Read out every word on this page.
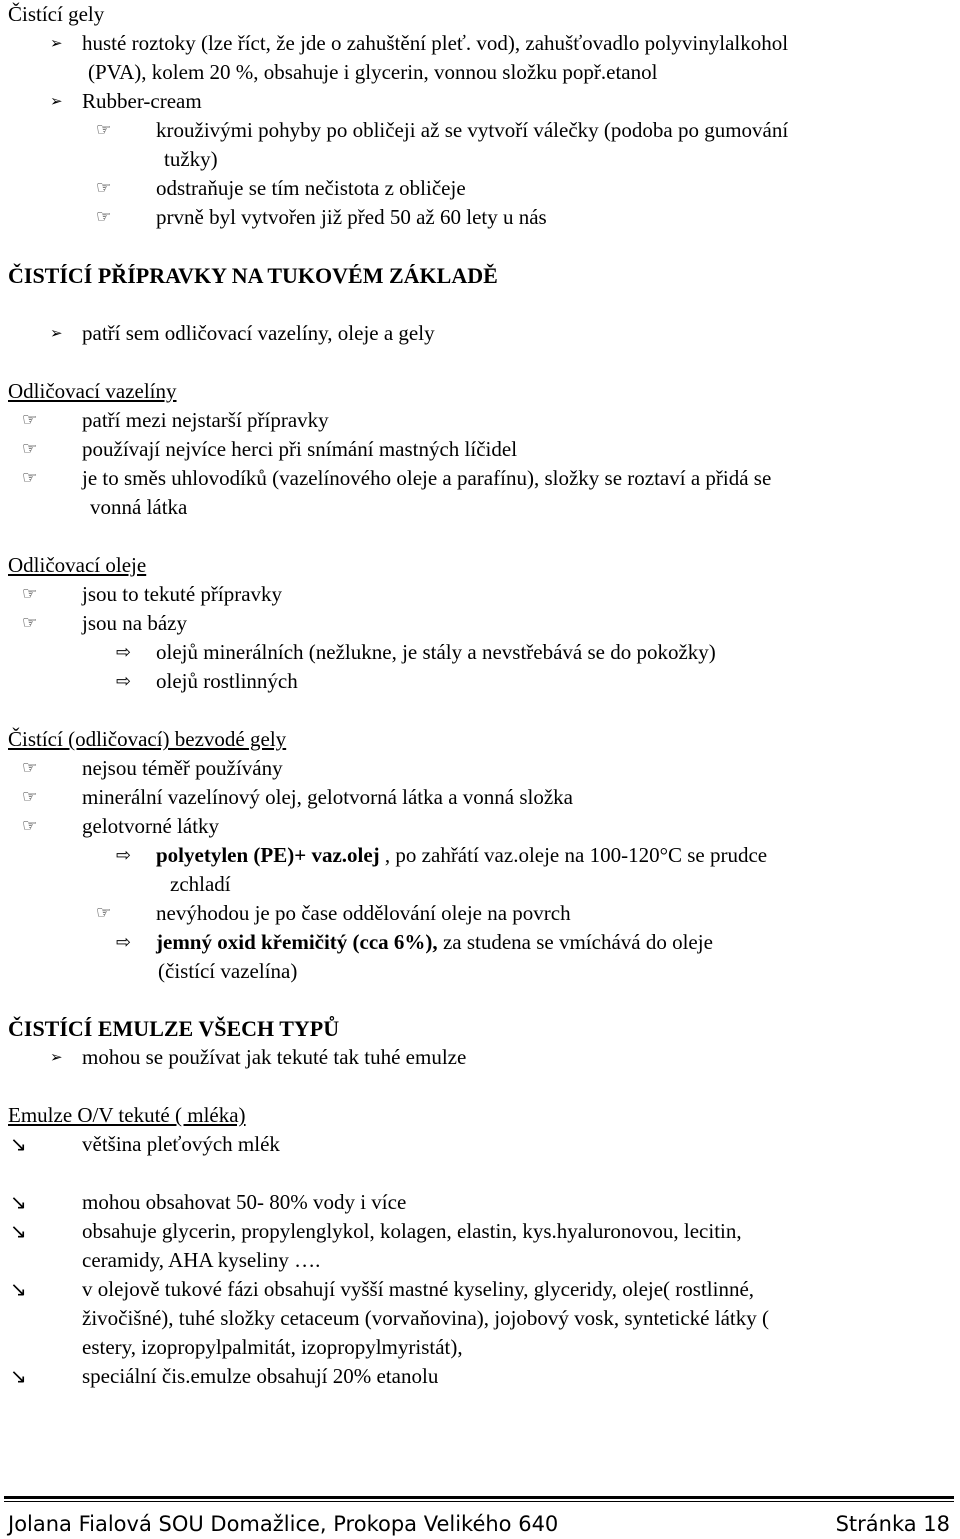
Čistící gely
➢ husté roztoky (lze říct, že jde o zahuštění pleť. vod), zahušťovadlo polyvinylalkohol
(PVA), kolem 20 %, obsahuje i glycerin, vonnou složku popř.etanol
➢ Rubber-cream
☞ krouživými pohyby po obličeji až se vytvoří válečky (podoba po gumování
tužky)
☞ odstraňuje se tím nečistota z obličeje
☞ prvně byl vytvořen již před 50 až 60 lety u nás
ČISTÍCÍ PŘÍPRAVKY NA TUKOVÉM ZÁKLADĚ
➢ patří sem odličovací vazelíny, oleje a gely
Odličovací vazelíny
☞ patří mezi nejstarší přípravky
☞ používají nejvíce herci při snímání mastných líčidel
☞ je to směs uhlovodíků (vazelínového oleje a parafínu), složky se roztaví a přidá se
vonná látka
Odličovací oleje
☞ jsou to tekuté přípravky
☞ jsou na bázy
⇨ olejů minerálních (nežlukne, je stály a nevstřebává se do pokožky)
⇨ olejů rostlinných
Čistící (odličovací) bezvodé gely
☞ nejsou téměř používány
☞ minerální vazelínový olej, gelotvorná látka a vonná složka
☞ gelotvorné látky
⇨ polyetylen (PE)+ vaz.olej , po zahřátí vaz.oleje na 100-120°C se prudce
zchladí
☞ nevýhodou je po čase oddělování oleje na povrch
⇨ jemný oxid křemičitý (cca 6%), za studena se vmíchává do oleje
(čistící vazelína)
ČISTÍCÍ EMULZE VŠECH TYPŮ
➢ mohou se používat jak tekuté tak tuhé emulze
Emulze O/V tekuté ( mléka)
↘	většina pleťových mlék
↘	mohou obsahovat 50- 80% vody i více
↘	obsahuje glycerin, propylenglykol, kolagen, elastin, kys.hyaluronovou, lecitin,
ceramidy, AHA kyseliny ….
↘	v olejově tukové fázi obsahují vyšší mastné kyseliny, glyceridy, oleje( rostlinné,
živočišné), tuhé složky cetaceum (vorvaňovina), jojobový vosk, syntetické látky (
estery, izopropylpalmitát, izopropylmyristát),
↘	speciální čis.emulze obsahují 20% etanolu
Jolana Fialová SOU Domažlice, Prokopa Velikého 640	Stránka 18
